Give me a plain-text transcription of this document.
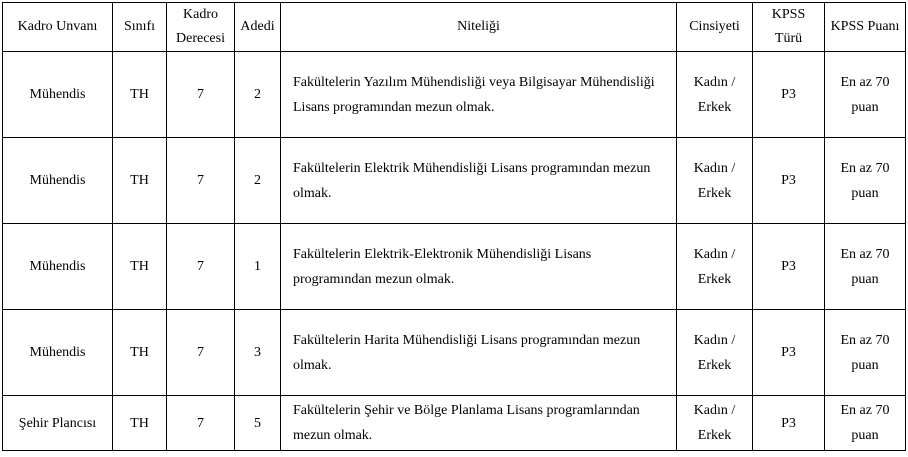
Kadro Unvanı	Sınıfı	Kadro Derecesi	Adedi	Niteliği	Cinsiyeti	KPSS Türü	KPSS Puanı
Mühendis	TH	7	2	Fakültelerin Yazılım Mühendisliği veya Bilgisayar Mühendisliği Lisans programından mezun olmak.	Kadın / Erkek	P3	En az 70 puan
Mühendis	TH	7	2	Fakültelerin Elektrik Mühendisliği Lisans programından mezun olmak.	Kadın / Erkek	P3	En az 70 puan
Mühendis	TH	7	1	Fakültelerin Elektrik-Elektronik Mühendisliği Lisans programından mezun olmak.	Kadın / Erkek	P3	En az 70 puan
Mühendis	TH	7	3	Fakültelerin Harita Mühendisliği Lisans programından mezun olmak.	Kadın / Erkek	P3	En az 70 puan
Şehir Plancısı	TH	7	5	Fakültelerin Şehir ve Bölge Planlama Lisans programlarından mezun olmak.	Kadın / Erkek	P3	En az 70 puan
